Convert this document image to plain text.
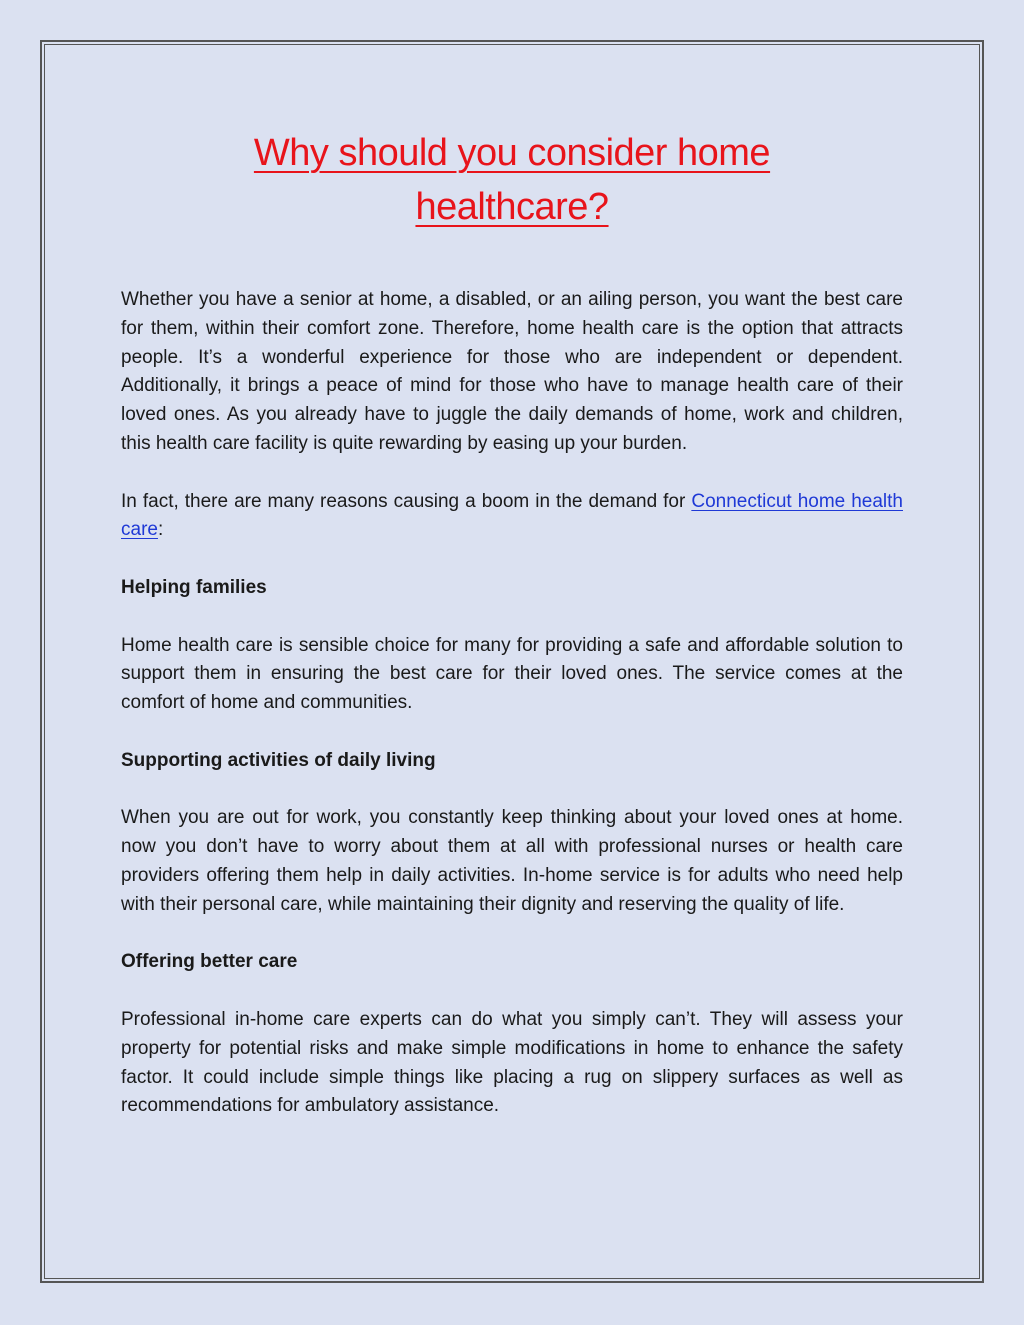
Why should you consider home
healthcare?

Whether you have a senior at home, a disabled, or an ailing person, you want the best care for them, within their comfort zone. Therefore, home health care is the option that attracts people. It’s a wonderful experience for those who are independent or dependent. Additionally, it brings a peace of mind for those who have to manage health care of their loved ones. As you already have to juggle the daily demands of home, work and children, this health care facility is quite rewarding by easing up your burden.

In fact, there are many reasons causing a boom in the demand for Connecticut home health care:

Helping families

Home health care is sensible choice for many for providing a safe and affordable solution to support them in ensuring the best care for their loved ones. The service comes at the comfort of home and communities.

Supporting activities of daily living

When you are out for work, you constantly keep thinking about your loved ones at home. now you don’t have to worry about them at all with professional nurses or health care providers offering them help in daily activities. In-home service is for adults who need help with their personal care, while maintaining their dignity and reserving the quality of life.

Offering better care

Professional in-home care experts can do what you simply can’t. They will assess your property for potential risks and make simple modifications in home to enhance the safety factor. It could include simple things like placing a rug on slippery surfaces as well as recommendations for ambulatory assistance.
